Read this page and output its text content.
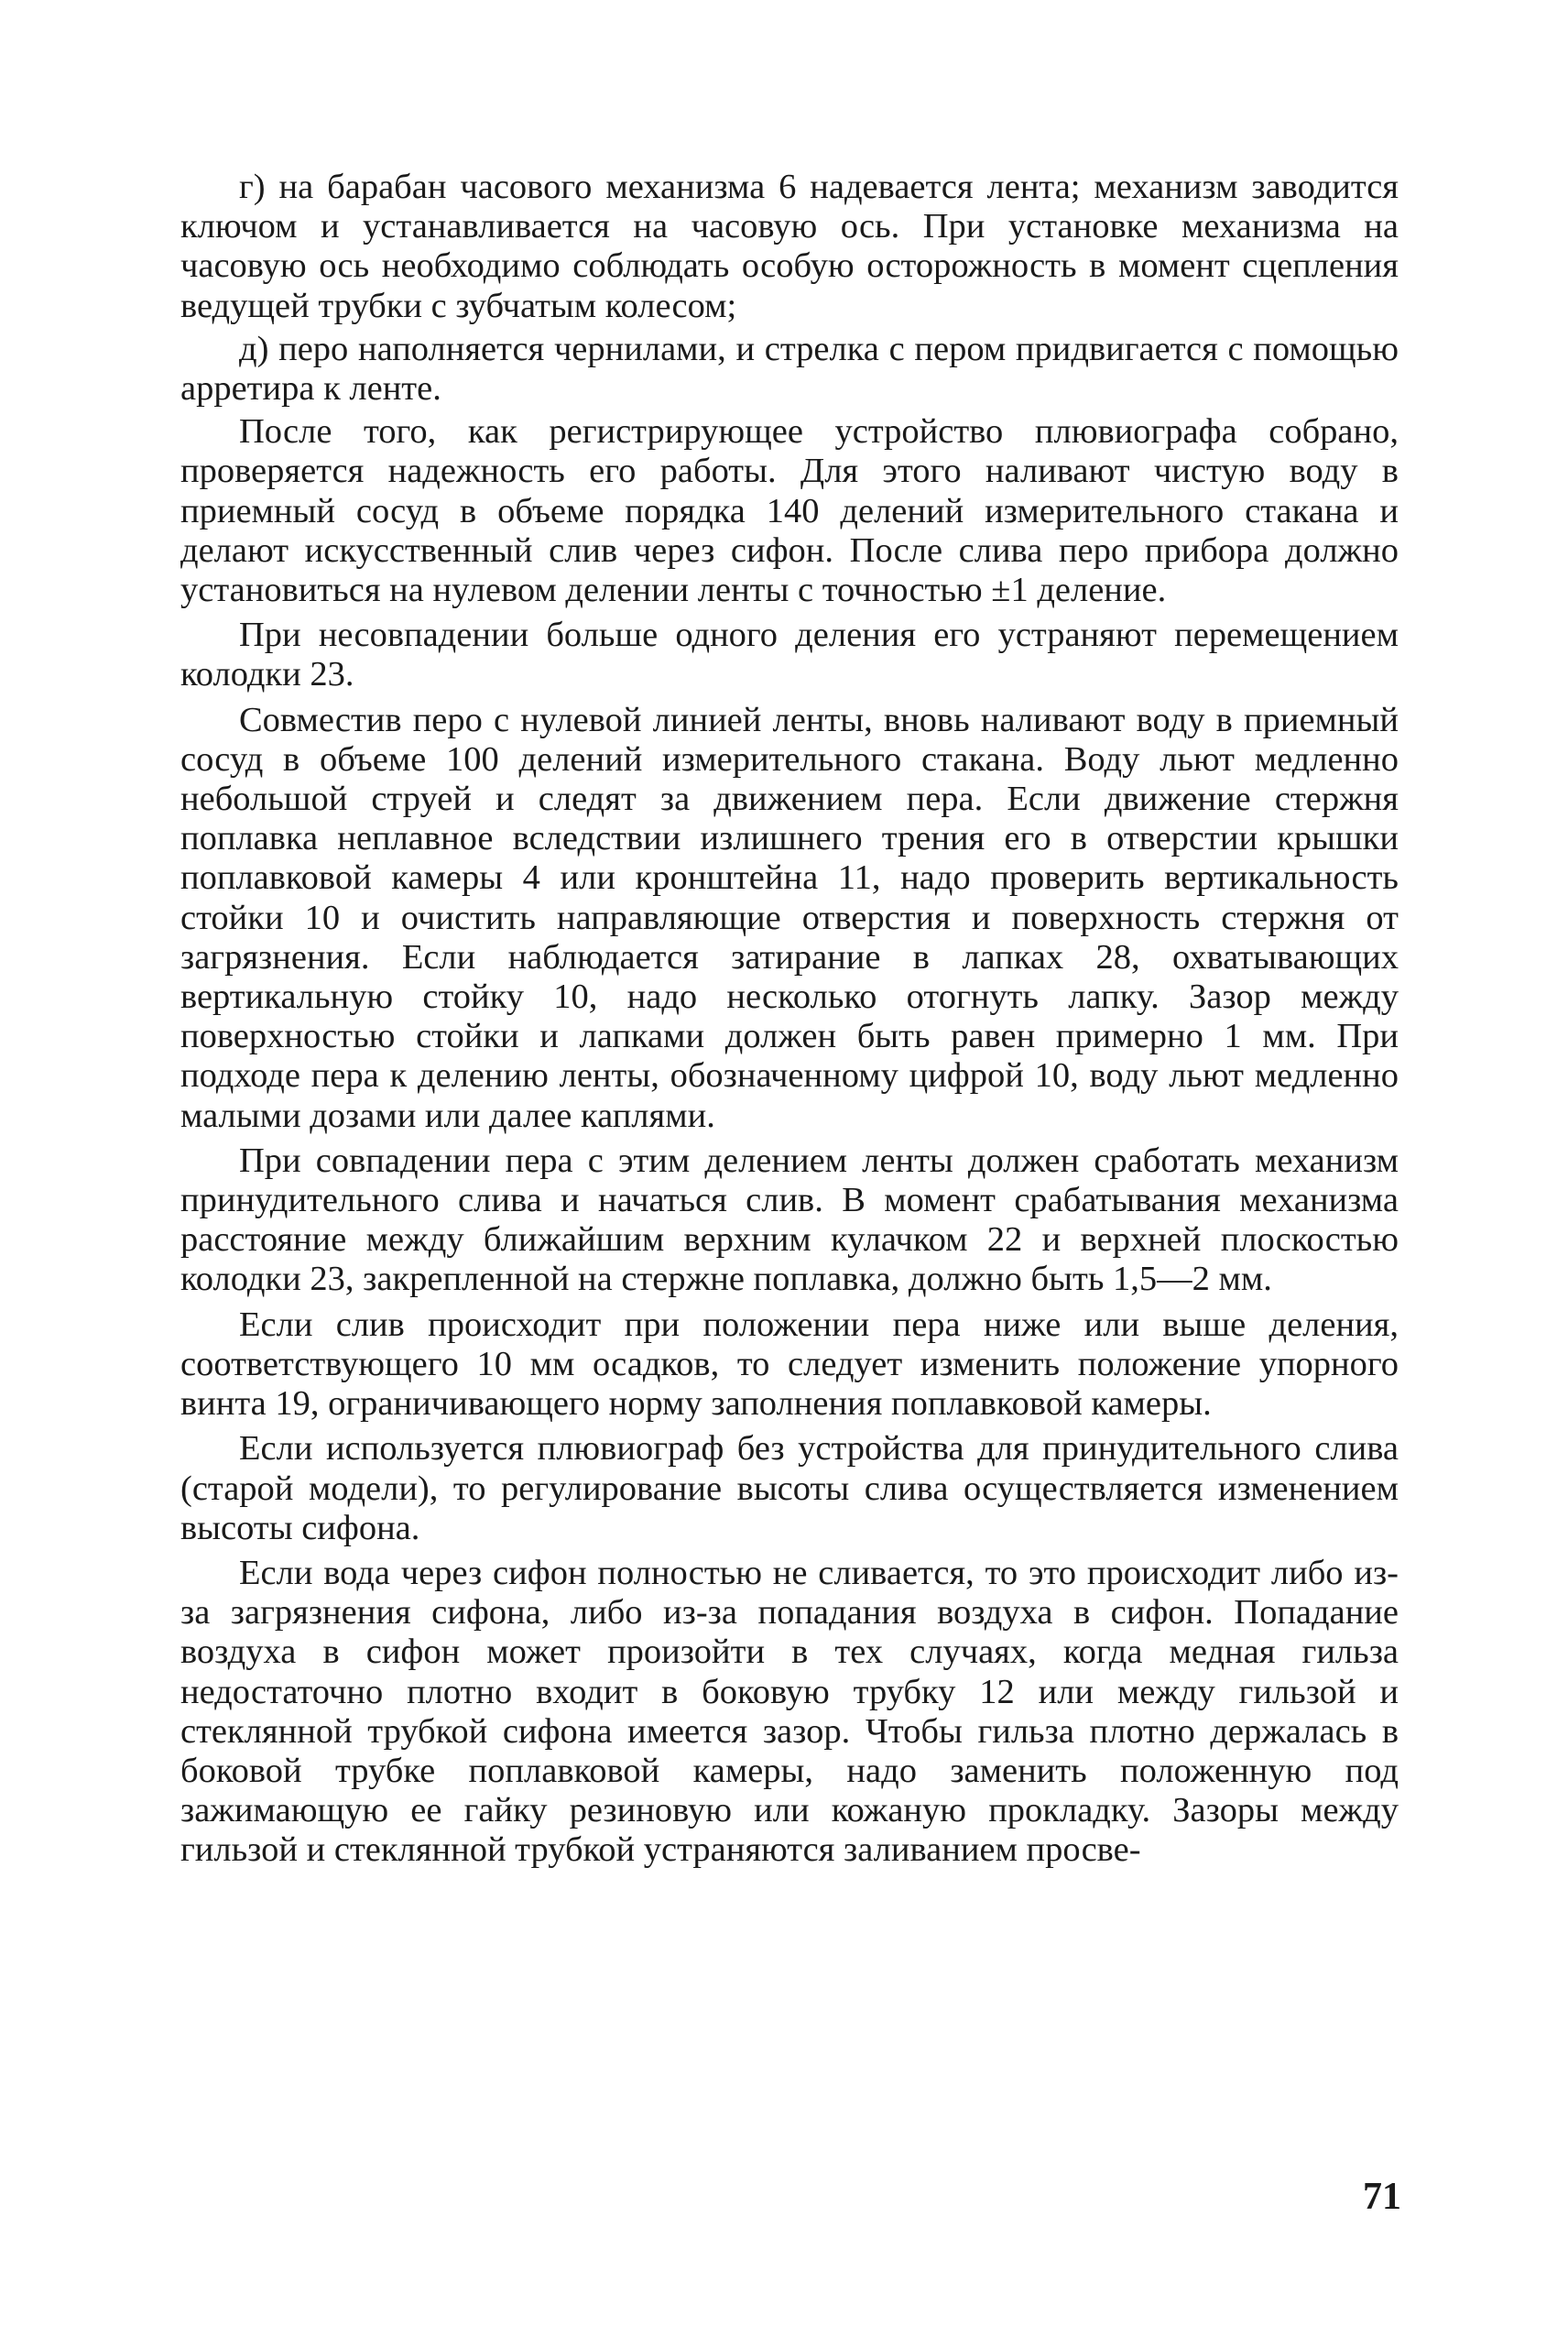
г) на барабан часового механизма 6 надевается лента; механизм заводится ключом и устанавливается на часовую ось. При установке механизма на часовую ось необходимо соблюдать особую осторожность в момент сцепления ведущей трубки с зубчатым колесом;

д) перо наполняется чернилами, и стрелка с пером придвигается с помощью арретира к ленте.

После того, как регистрирующее устройство плювиографа собрано, проверяется надежность его работы. Для этого наливают чистую воду в приемный сосуд в объеме порядка 140 делений измерительного стакана и делают искусственный слив через сифон. После слива перо прибора должно установиться на нулевом делении ленты с точностью ±1 деление.

При несовпадении больше одного деления его устраняют перемещением колодки 23.

Совместив перо с нулевой линией ленты, вновь наливают воду в приемный сосуд в объеме 100 делений измерительного стакана. Воду льют медленно небольшой струей и следят за движением пера. Если движение стержня поплавка неплавное вследствии излишнего трения его в отверстии крышки поплавковой камеры 4 или кронштейна 11, надо проверить вертикальность стойки 10 и очистить направляющие отверстия и поверхность стержня от загрязнения. Если наблюдается затирание в лапках 28, охватывающих вертикальную стойку 10, надо несколько отогнуть лапку. Зазор между поверхностью стойки и лапками должен быть равен примерно 1 мм. При подходе пера к делению ленты, обозначенному цифрой 10, воду льют медленно малыми дозами или далее каплями.

При совпадении пера с этим делением ленты должен сработать механизм принудительного слива и начаться слив. В момент срабатывания механизма расстояние между ближайшим верхним кулачком 22 и верхней плоскостью колодки 23, закрепленной на стержне поплавка, должно быть 1,5—2 мм.

Если слив происходит при положении пера ниже или выше деления, соответствующего 10 мм осадков, то следует изменить положение упорного винта 19, ограничивающего норму заполнения поплавковой камеры.

Если используется плювиограф без устройства для принудительного слива (старой модели), то регулирование высоты слива осуществляется изменением высоты сифона.

Если вода через сифон полностью не сливается, то это происходит либо из-за загрязнения сифона, либо из-за попадания воздуха в сифон. Попадание воздуха в сифон может произойти в тех случаях, когда медная гильза недостаточно плотно входит в боковую трубку 12 или между гильзой и стеклянной трубкой сифона имеется зазор. Чтобы гильза плотно держалась в боковой трубке поплавковой камеры, надо заменить положенную под зажимающую ее гайку резиновую или кожаную прокладку. Зазоры между гильзой и стеклянной трубкой устраняются заливанием просве-

71
